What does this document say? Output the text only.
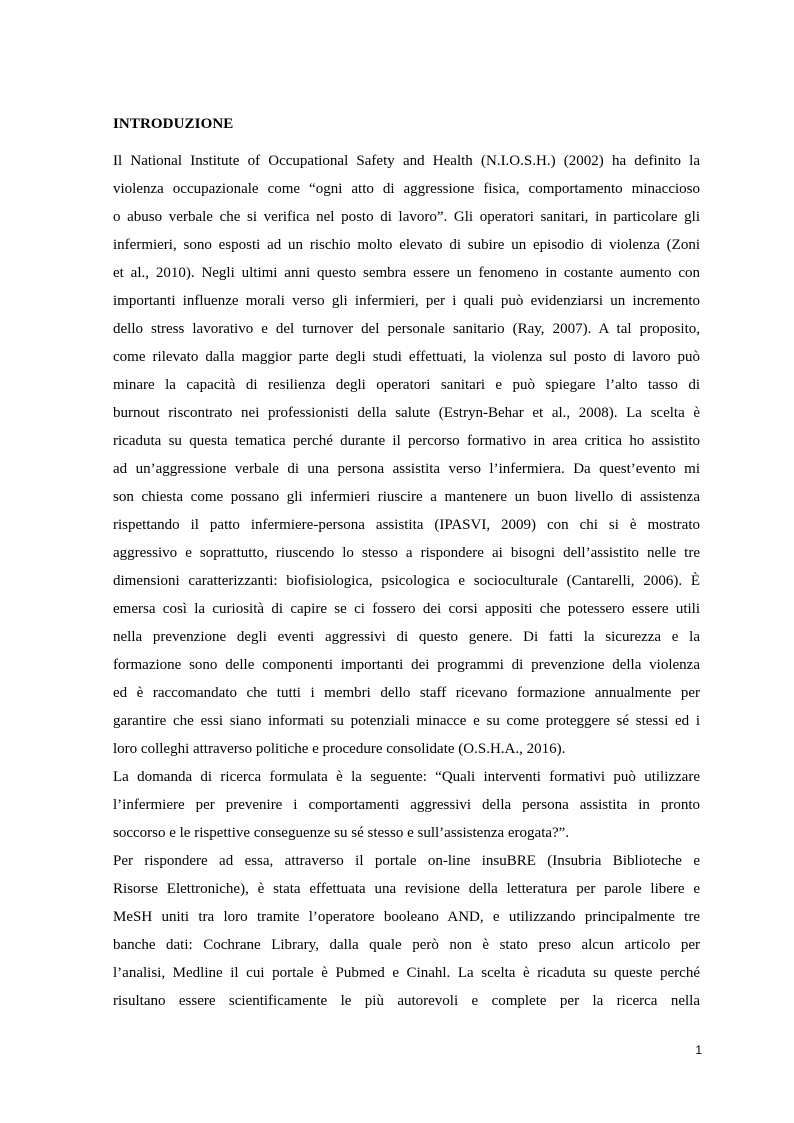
INTRODUZIONE
Il National Institute of Occupational Safety and Health (N.I.O.S.H.) (2002) ha definito la
violenza occupazionale come “ogni atto di aggressione fisica, comportamento minaccioso
o abuso verbale che si verifica nel posto di lavoro”. Gli operatori sanitari, in particolare gli
infermieri, sono esposti ad un rischio molto elevato di subire un episodio di violenza (Zoni
et al., 2010). Negli ultimi anni questo sembra essere un fenomeno in costante aumento con
importanti influenze morali verso gli infermieri, per i quali può evidenziarsi un incremento
dello stress lavorativo e del turnover del personale sanitario (Ray, 2007). A tal proposito,
come rilevato dalla maggior parte degli studi effettuati, la violenza sul posto di lavoro può
minare la capacità di resilienza degli operatori sanitari e può spiegare l’alto tasso di
burnout riscontrato nei professionisti della salute (Estryn-Behar et al., 2008). La scelta è
ricaduta su questa tematica perché durante il percorso formativo in area critica ho assistito
ad un’aggressione verbale di una persona assistita verso l’infermiera. Da quest’evento mi
son chiesta come possano gli infermieri riuscire a mantenere un buon livello di assistenza
rispettando il patto infermiere-persona assistita (IPASVI, 2009) con chi si è mostrato
aggressivo e soprattutto, riuscendo lo stesso a rispondere ai bisogni dell’assistito nelle tre
dimensioni caratterizzanti: biofisiologica, psicologica e socioculturale (Cantarelli, 2006). È
emersa così la curiosità di capire se ci fossero dei corsi appositi che potessero essere utili
nella prevenzione degli eventi aggressivi di questo genere. Di fatti la sicurezza e la
formazione sono delle componenti importanti dei programmi di prevenzione della violenza
ed è raccomandato che tutti i membri dello staff ricevano formazione annualmente per
garantire che essi siano informati su potenziali minacce e su come proteggere sé stessi ed i
loro colleghi attraverso politiche e procedure consolidate (O.S.H.A., 2016).
La domanda di ricerca formulata è la seguente: “Quali interventi formativi può utilizzare
l’infermiere per prevenire i comportamenti aggressivi della persona assistita in pronto
soccorso e le rispettive conseguenze su sé stesso e sull’assistenza erogata?”.
Per rispondere ad essa, attraverso il portale on-line insuBRE (Insubria Biblioteche e
Risorse Elettroniche), è stata effettuata una revisione della letteratura per parole libere e
MeSH uniti tra loro tramite l’operatore booleano AND, e utilizzando principalmente tre
banche dati: Cochrane Library, dalla quale però non è stato preso alcun articolo per
l’analisi, Medline il cui portale è Pubmed e Cinahl. La scelta è ricaduta su queste perché
risultano essere scientificamente le più autorevoli e complete per la ricerca nella
1
